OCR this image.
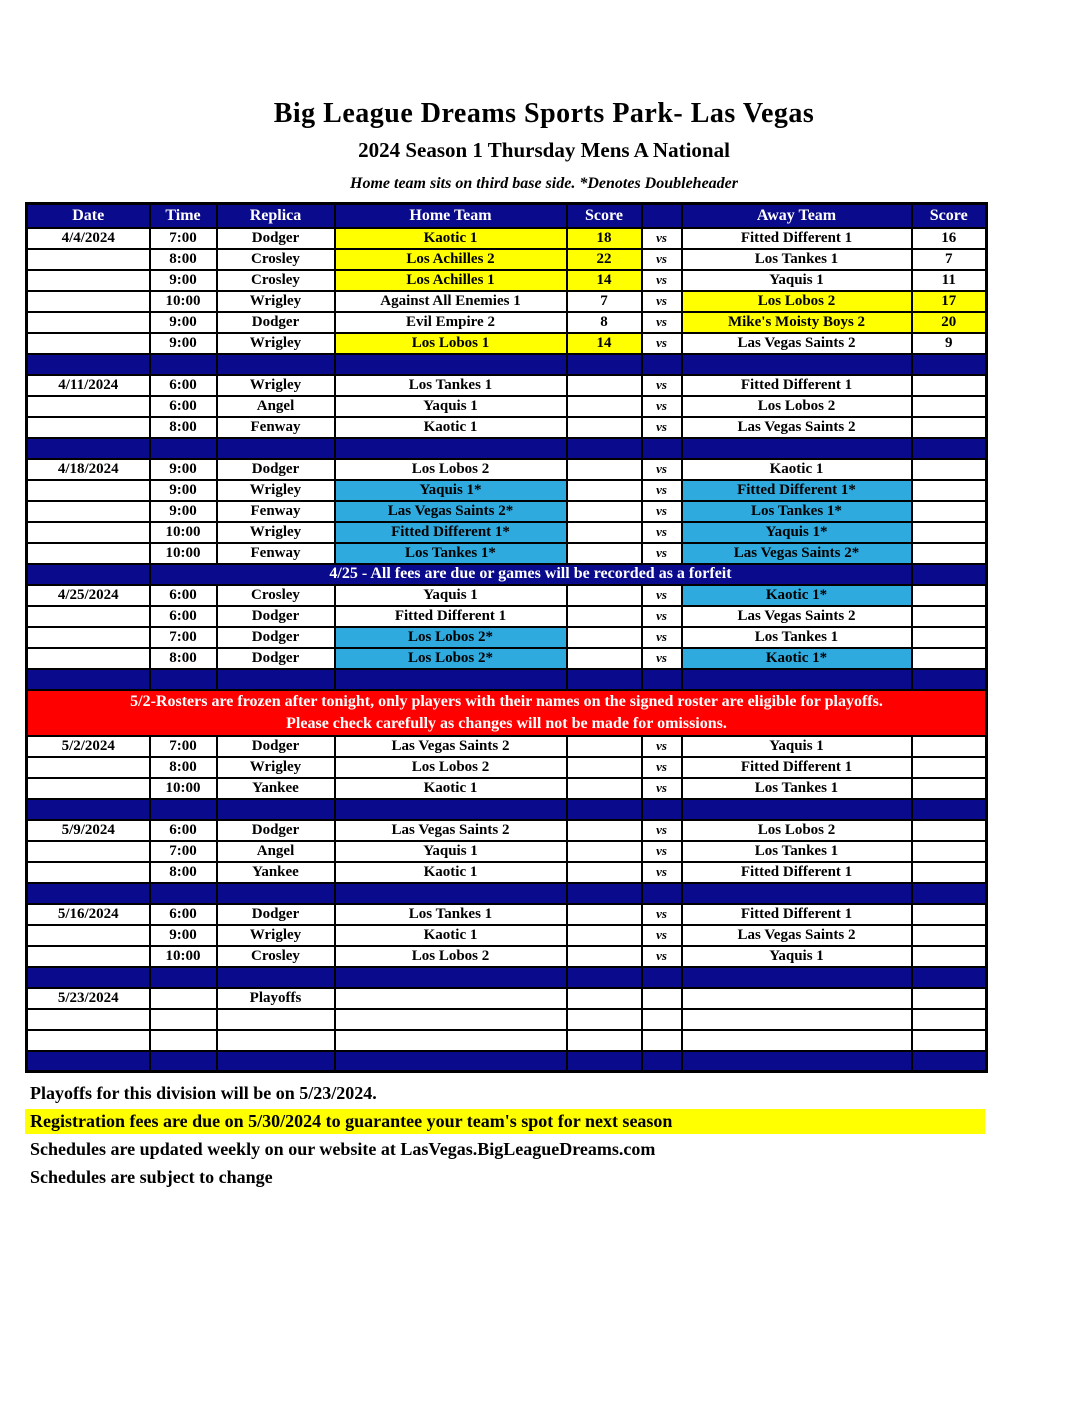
Big League Dreams Sports Park- Las Vegas
2024 Season 1 Thursday Mens A National
Home team sits on third base side. *Denotes Doubleheader
Date	Time	Replica	Home Team	Score		Away Team	Score
4/4/2024	7:00	Dodger	Kaotic 1	18	vs	Fitted Different 1	16
	8:00	Crosley	Los Achilles 2	22	vs	Los Tankes 1	7
	9:00	Crosley	Los Achilles 1	14	vs	Yaquis 1	11
	10:00	Wrigley	Against All Enemies 1	7	vs	Los Lobos 2	17
	9:00	Dodger	Evil Empire 2	8	vs	Mike's Moisty Boys 2	20
	9:00	Wrigley	Los Lobos 1	14	vs	Las Vegas Saints 2	9

4/11/2024	6:00	Wrigley	Los Tankes 1		vs	Fitted Different 1	
	6:00	Angel	Yaquis 1		vs	Los Lobos 2	
	8:00	Fenway	Kaotic 1		vs	Las Vegas Saints 2	

4/18/2024	9:00	Dodger	Los Lobos 2		vs	Kaotic 1	
	9:00	Wrigley	Yaquis 1*		vs	Fitted Different 1*	
	9:00	Fenway	Las Vegas Saints 2*		vs	Los Tankes 1*	
	10:00	Wrigley	Fitted Different 1*		vs	Yaquis 1*	
	10:00	Fenway	Los Tankes 1*		vs	Las Vegas Saints 2*	
	4/25 - All fees are due or games will be recorded as a forfeit						
4/25/2024	6:00	Crosley	Yaquis 1		vs	Kaotic 1*	
	6:00	Dodger	Fitted Different 1		vs	Las Vegas Saints 2	
	7:00	Dodger	Los Lobos 2*		vs	Los Tankes 1	
	8:00	Dodger	Los Lobos 2*		vs	Kaotic 1*	

5/2-Rosters are frozen after tonight, only players with their names on the signed roster are eligible for playoffs.
Please check carefully as changes will not be made for omissions.							

5/2/2024	7:00	Dodger	Las Vegas Saints 2		vs	Yaquis 1	
	8:00	Wrigley	Los Lobos 2		vs	Fitted Different 1	
	10:00	Yankee	Kaotic 1		vs	Los Tankes 1	

5/9/2024	6:00	Dodger	Las Vegas Saints 2		vs	Los Lobos 2	
	7:00	Angel	Yaquis 1		vs	Los Tankes 1	
	8:00	Yankee	Kaotic 1		vs	Fitted Different 1	

5/16/2024	6:00	Dodger	Los Tankes 1		vs	Fitted Different 1	
	9:00	Wrigley	Kaotic 1		vs	Las Vegas Saints 2	
	10:00	Crosley	Los Lobos 2		vs	Yaquis 1	

5/23/2024		Playoffs					

Playoffs for this division will be on 5/23/2024.
Registration fees are due on 5/30/2024 to guarantee your team's spot for next season
Schedules are updated weekly on our website at LasVegas.BigLeagueDreams.com
Schedules are subject to change
